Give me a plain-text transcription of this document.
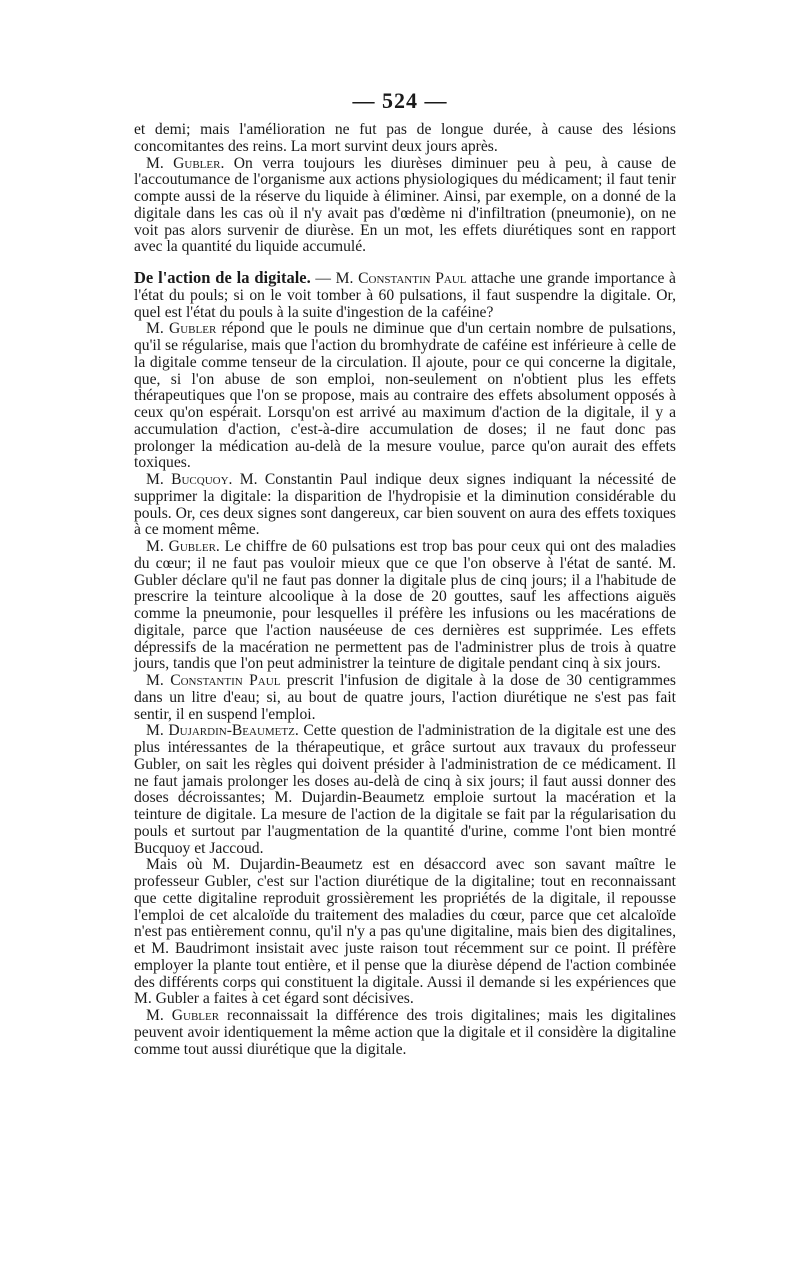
— 524 —

et demi; mais l'amélioration ne fut pas de longue durée, à cause des lésions concomitantes des reins. La mort survint deux jours après.

M. Gubler. On verra toujours les diurèses diminuer peu à peu, à cause de l'accoutumance de l'organisme aux actions physiologiques du médicament; il faut tenir compte aussi de la réserve du liquide à éliminer. Ainsi, par exemple, on a donné de la digitale dans les cas où il n'y avait pas d'œdème ni d'infiltration (pneumonie), on ne voit pas alors survenir de diurèse. En un mot, les effets diurétiques sont en rapport avec la quantité du liquide accumulé.

De l'action de la digitale. — M. Constantin Paul attache une grande importance à l'état du pouls; si on le voit tomber à 60 pulsations, il faut suspendre la digitale. Or, quel est l'état du pouls à la suite d'ingestion de la caféine?

M. Gubler répond que le pouls ne diminue que d'un certain nombre de pulsations, qu'il se régularise, mais que l'action du bromhydrate de caféine est inférieure à celle de la digitale comme tenseur de la circulation. Il ajoute, pour ce qui concerne la digitale, que, si l'on abuse de son emploi, non-seulement on n'obtient plus les effets thérapeutiques que l'on se propose, mais au contraire des effets absolument opposés à ceux qu'on espérait. Lorsqu'on est arrivé au maximum d'action de la digitale, il y a accumulation d'action, c'est-à-dire accumulation de doses; il ne faut donc pas prolonger la médication au-delà de la mesure voulue, parce qu'on aurait des effets toxiques.

M. Bucquoy. M. Constantin Paul indique deux signes indiquant la nécessité de supprimer la digitale: la disparition de l'hydropisie et la diminution considérable du pouls. Or, ces deux signes sont dangereux, car bien souvent on aura des effets toxiques à ce moment même.

M. Gubler. Le chiffre de 60 pulsations est trop bas pour ceux qui ont des maladies du cœur; il ne faut pas vouloir mieux que ce que l'on observe à l'état de santé. M. Gubler déclare qu'il ne faut pas donner la digitale plus de cinq jours; il a l'habitude de prescrire la teinture alcoolique à la dose de 20 gouttes, sauf les affections aiguës comme la pneumonie, pour lesquelles il préfère les infusions ou les macérations de digitale, parce que l'action nauséeuse de ces dernières est supprimée. Les effets dépressifs de la macération ne permettent pas de l'administrer plus de trois à quatre jours, tandis que l'on peut administrer la teinture de digitale pendant cinq à six jours.

M. Constantin Paul prescrit l'infusion de digitale à la dose de 30 centigrammes dans un litre d'eau; si, au bout de quatre jours, l'action diurétique ne s'est pas fait sentir, il en suspend l'emploi.

M. Dujardin-Beaumetz. Cette question de l'administration de la digitale est une des plus intéressantes de la thérapeutique, et grâce surtout aux travaux du professeur Gubler, on sait les règles qui doivent présider à l'administration de ce médicament. Il ne faut jamais prolonger les doses au-delà de cinq à six jours; il faut aussi donner des doses décroissantes; M. Dujardin-Beaumetz emploie surtout la macération et la teinture de digitale. La mesure de l'action de la digitale se fait par la régularisation du pouls et surtout par l'augmentation de la quantité d'urine, comme l'ont bien montré Bucquoy et Jaccoud.

Mais où M. Dujardin-Beaumetz est en désaccord avec son savant maître le professeur Gubler, c'est sur l'action diurétique de la digitaline; tout en reconnaissant que cette digitaline reproduit grossièrement les propriétés de la digitale, il repousse l'emploi de cet alcaloïde du traitement des maladies du cœur, parce que cet alcaloïde n'est pas entièrement connu, qu'il n'y a pas qu'une digitaline, mais bien des digitalines, et M. Baudrimont insistait avec juste raison tout récemment sur ce point. Il préfère employer la plante tout entière, et il pense que la diurèse dépend de l'action combinée des différents corps qui constituent la digitale. Aussi il demande si les expériences que M. Gubler a faites à cet égard sont décisives.

M. Gubler reconnaissait la différence des trois digitalines; mais les digitalines peuvent avoir identiquement la même action que la digitale et il considère la digitaline comme tout aussi diurétique que la digitale.
